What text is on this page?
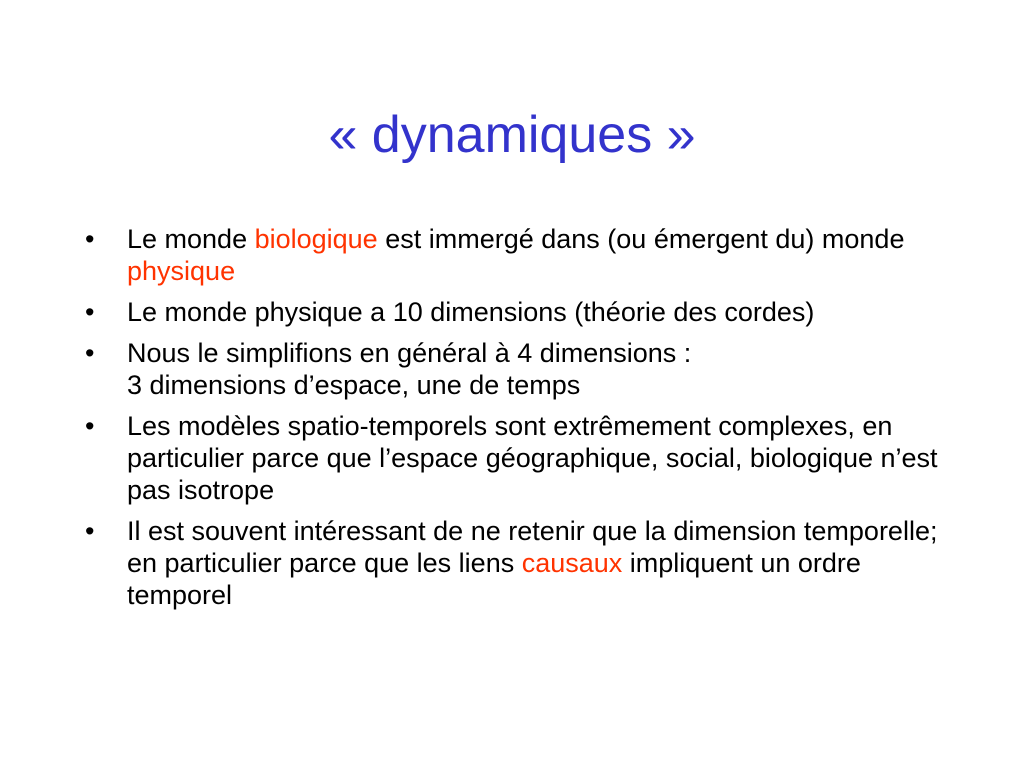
« dynamiques »
•	Le monde biologique est immergé dans (ou émergent du) monde physique
•	Le monde physique a 10 dimensions (théorie des cordes)
•	Nous le simplifions en général à 4 dimensions :
3 dimensions d’espace, une de temps
•	Les modèles spatio-temporels sont extrêmement complexes, en particulier parce que l’espace géographique, social, biologique n’est pas isotrope
•	Il est souvent intéressant de ne retenir que la dimension temporelle; en particulier parce que les liens causaux impliquent un ordre temporel
